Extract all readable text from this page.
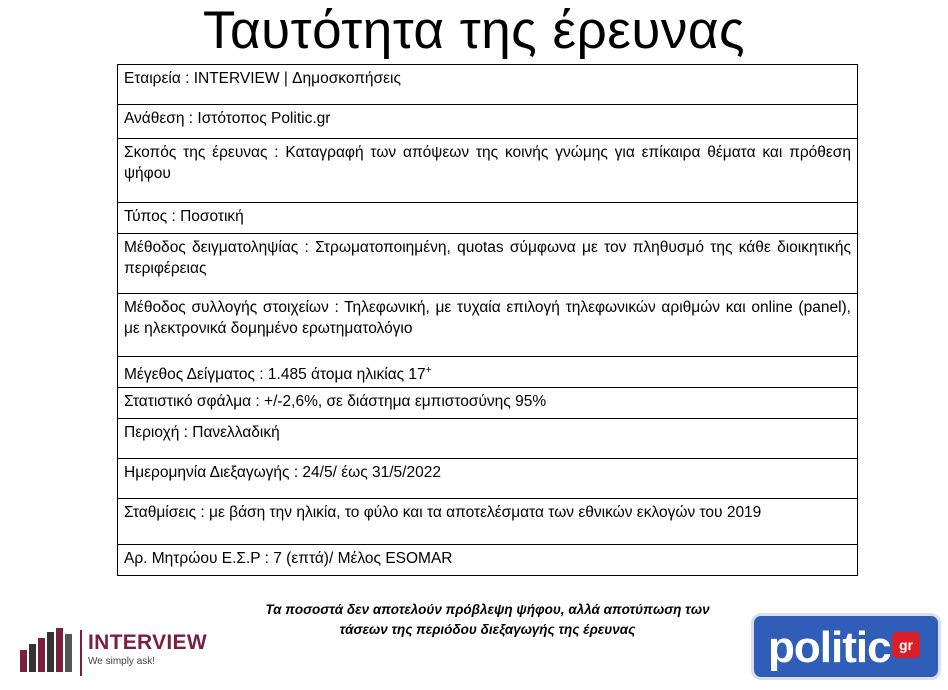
Ταυτότητα της έρευνας
Εταιρεία : INTERVIEW | Δημοσκοπήσεις
Ανάθεση : Ιστότοπος Politic.gr
Σκοπός της έρευνας : Καταγραφή των απόψεων της κοινής γνώμης για επίκαιρα θέματα και πρόθεση ψήφου
Τύπος : Ποσοτική
Μέθοδος δειγματοληψίας : Στρωματοποιημένη, quotas σύμφωνα με τον πληθυσμό της κάθε διοικητικής περιφέρειας
Μέθοδος συλλογής στοιχείων : Τηλεφωνική, με τυχαία επιλογή τηλεφωνικών αριθμών και online (panel), με ηλεκτρονικά δομημένο ερωτηματολόγιο
Μέγεθος Δείγματος : 1.485 άτομα ηλικίας 17+
Στατιστικό σφάλμα : +/-2,6%, σε διάστημα εμπιστοσύνης 95%
Περιοχή : Πανελλαδική
Ημερομηνία Διεξαγωγής : 24/5/ έως 31/5/2022
Σταθμίσεις : με βάση την ηλικία, το φύλο και τα αποτελέσματα των εθνικών εκλογών του 2019
Αρ. Μητρώου Ε.Σ.Ρ : 7 (επτά)/ Μέλος ESOMAR
Τα ποσοστά δεν αποτελούν πρόβλεψη ψήφου, αλλά αποτύπωση των
τάσεων της περιόδου διεξαγωγής της έρευνας
INTERVIEW
We simply ask!	politic gr
